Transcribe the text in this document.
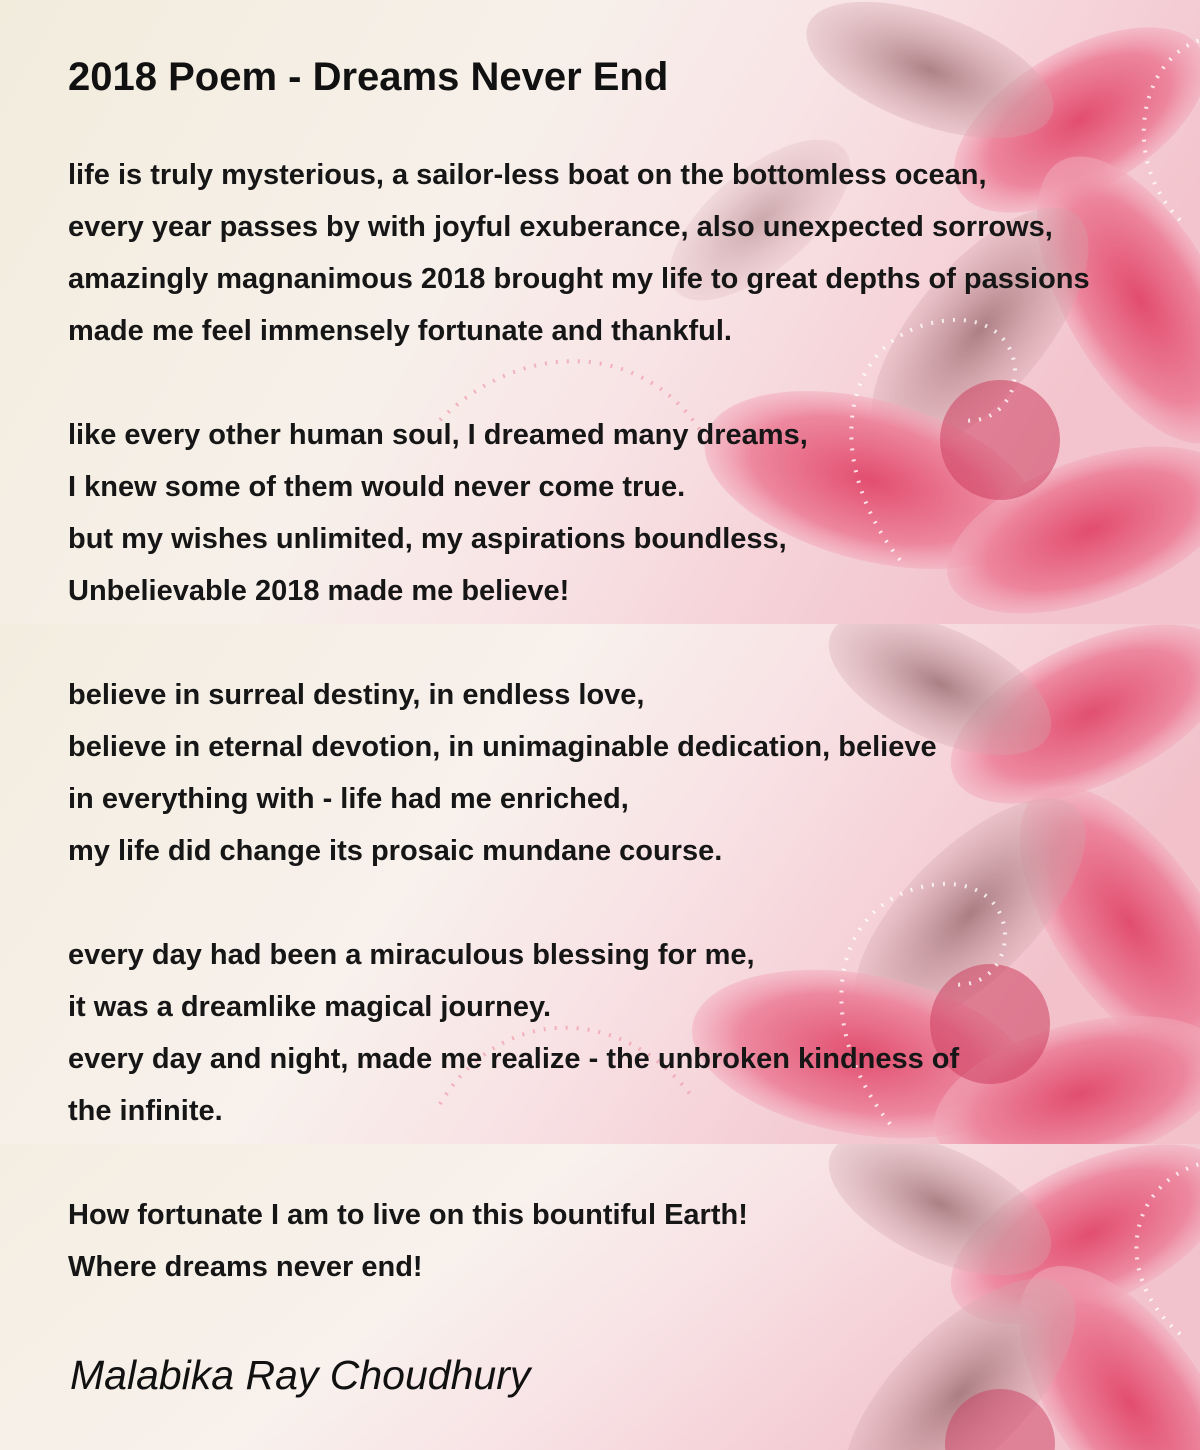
2018 Poem - Dreams Never End
life is truly mysterious, a sailor-less boat on the bottomless ocean,
every year passes by with joyful exuberance, also unexpected sorrows,
amazingly magnanimous 2018 brought my life to great depths of passions
made me feel immensely fortunate and thankful.
like every other human soul, I dreamed many dreams,
I knew some of them would never come true.
but my wishes unlimited, my aspirations boundless,
Unbelievable 2018 made me believe!
believe in surreal destiny, in endless love,
believe in eternal devotion, in unimaginable dedication, believe
in everything with - life had me enriched,
my life did change its prosaic mundane course.
every day had been a miraculous blessing for me,
it was a dreamlike magical journey.
every day and night, made me realize - the unbroken kindness of
the infinite.
How fortunate I am to live on this bountiful Earth!
Where dreams never end!
Malabika Ray Choudhury
